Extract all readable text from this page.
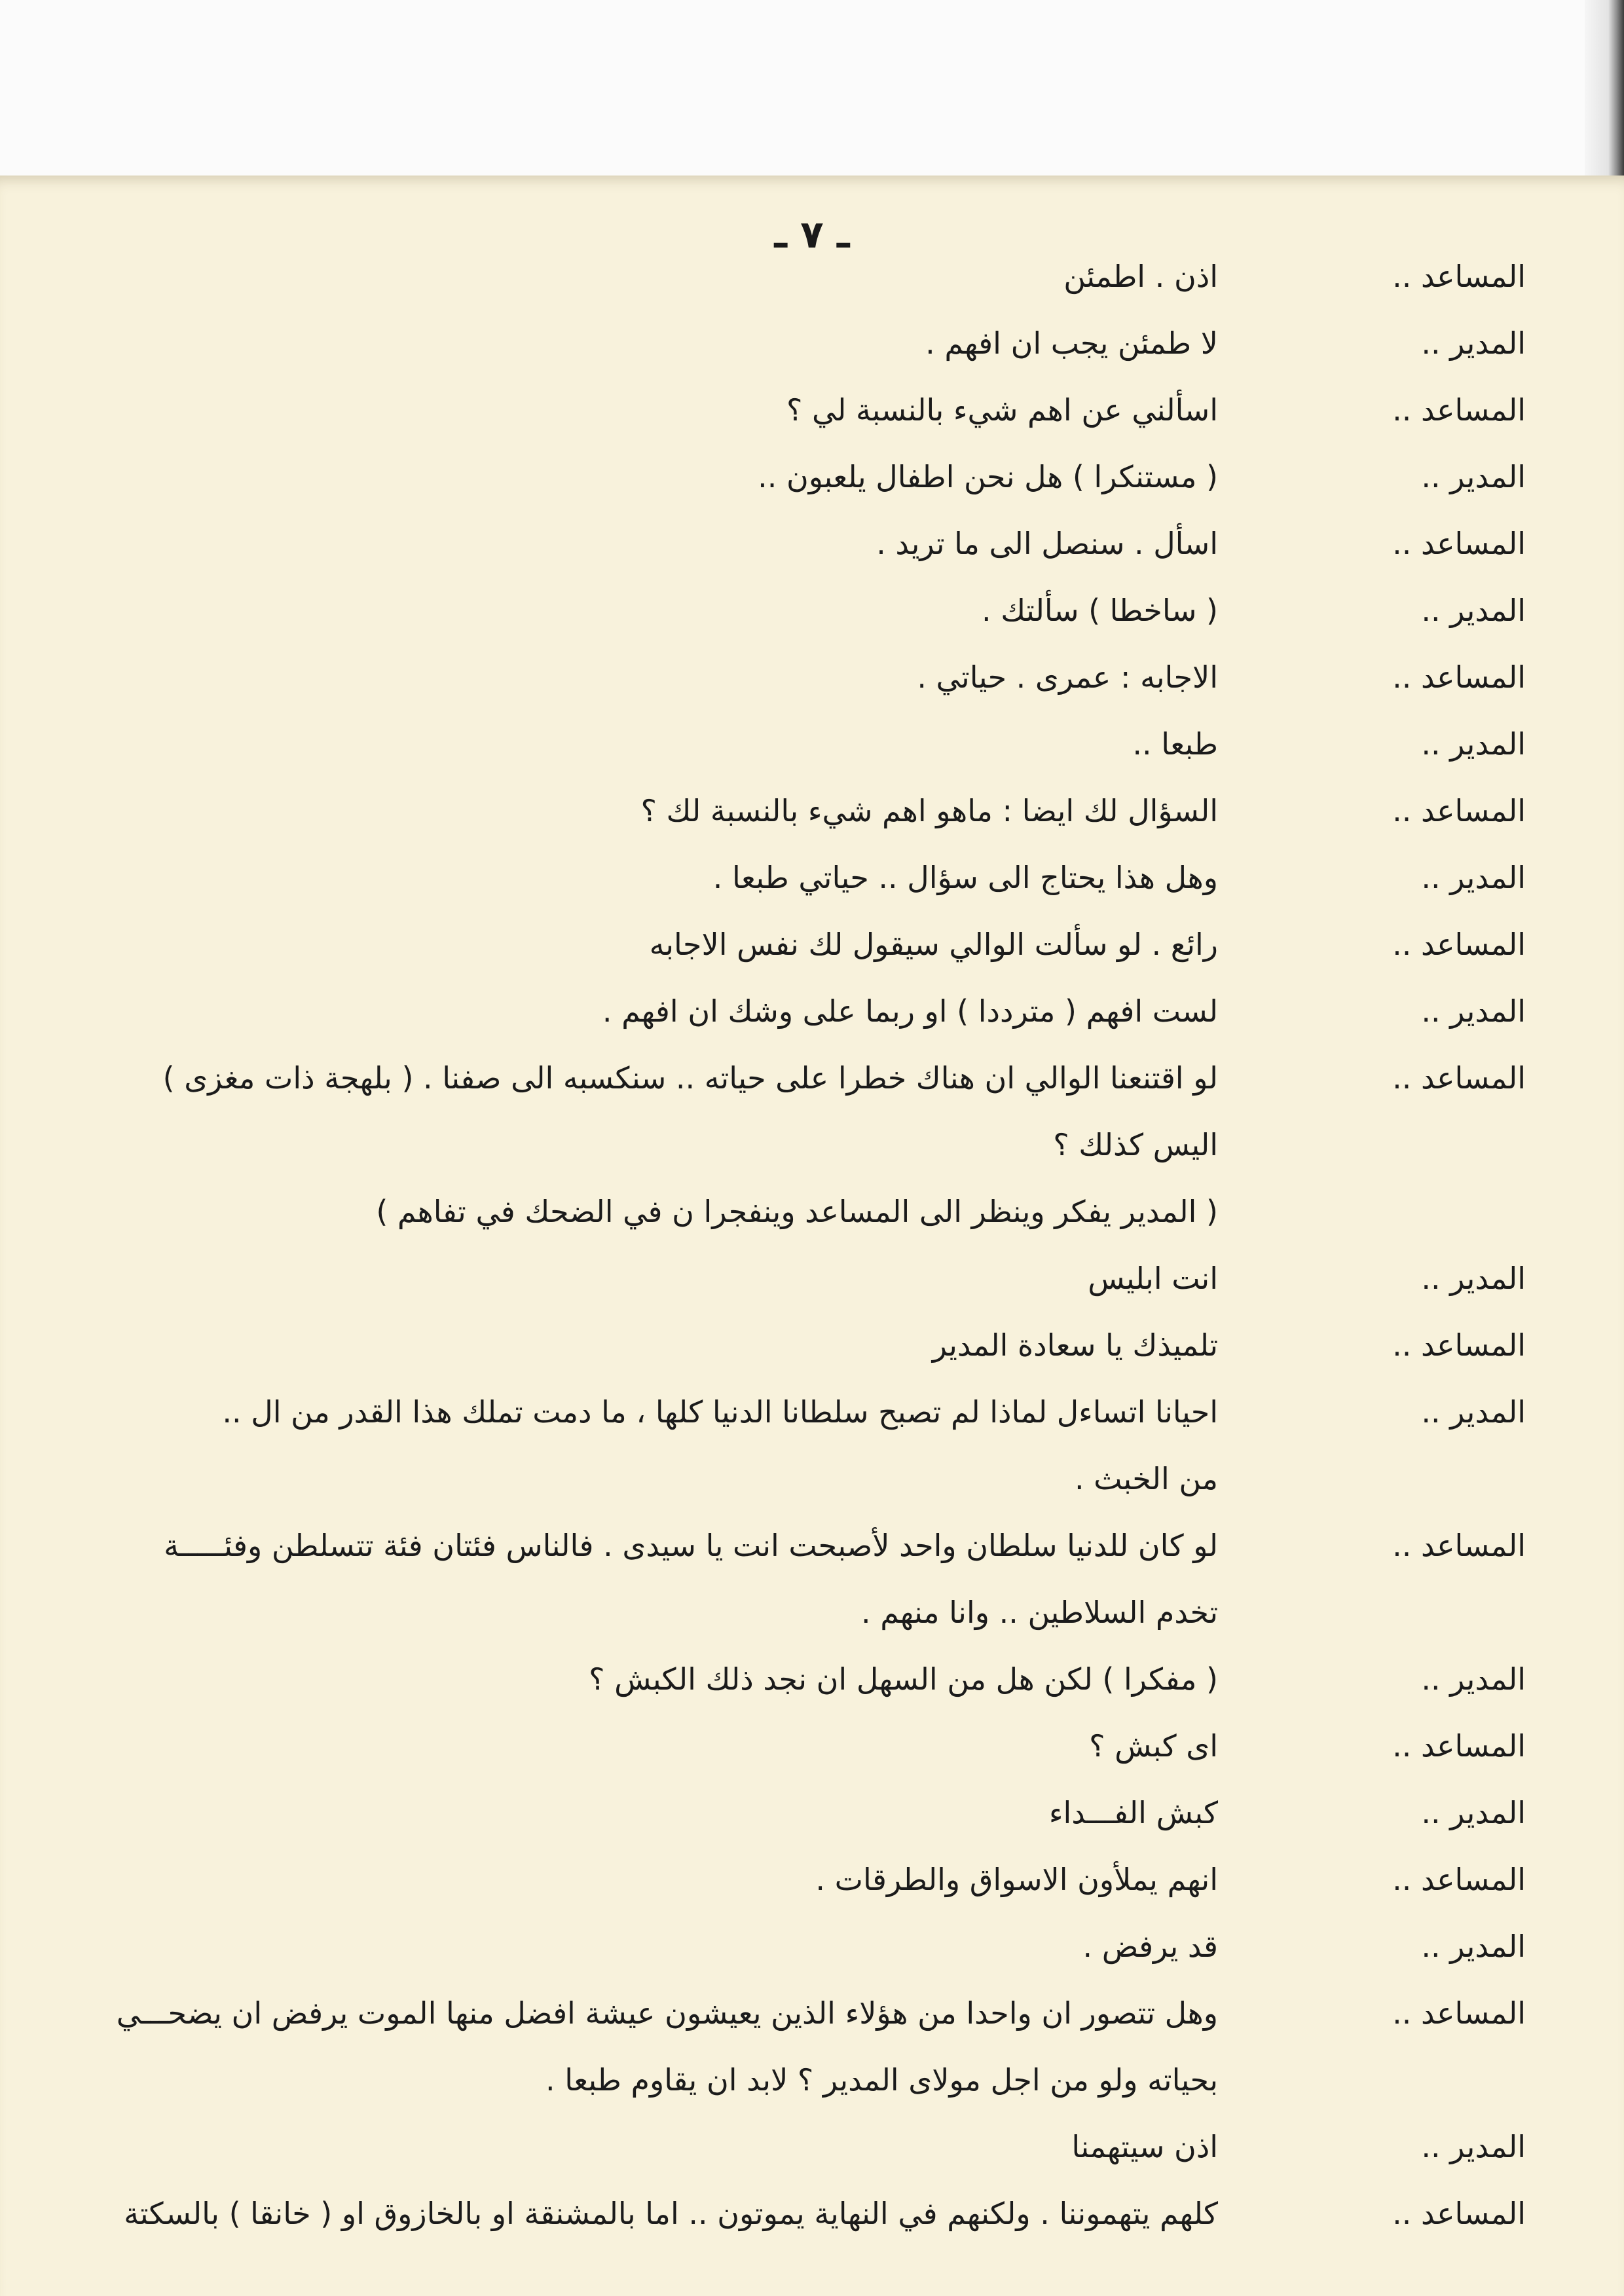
ـ ٧ ـ
المساعد ..
اذن . اطمئن
المدير ..
لا طمئن يجب ان افهم .
المساعد ..
اسألني عن اهم شيء بالنسبة لي ؟
المدير ..
( مستنكرا ) هل نحن اطفال يلعبون ..
المساعد ..
اسأل . سنصل الى ما تريد .
المدير ..
( ساخطا ) سألتك .
المساعد ..
الاجابه : عمرى . حياتي .
المدير ..
طبعا ..
المساعد ..
السؤال لك ايضا : ماهو اهم شيء بالنسبة لك ؟
المدير ..
وهل هذا يحتاج الى سؤال .. حياتي طبعا .
المساعد ..
رائع . لو سألت الوالي سيقول لك نفس الاجابه
المدير ..
لست افهم ( مترددا ) او ربما على وشك ان افهم .
المساعد ..
لو اقتنعنا الوالي ان هناك خطرا على حياته .. سنكسبه الى صفنا . ( بلهجة ذات مغزى )
اليس كذلك ؟
( المدير يفكر وينظر الى المساعد وينفجرا ن في الضحك في تفاهم )
المدير ..
انت ابليس
المساعد ..
تلميذك يا سعادة المدير
المدير ..
احيانا اتساءل لماذا لم تصبح سلطانا الدنيا كلها ، ما دمت تملك هذا القدر من ال ..
من الخبث .
المساعد ..
لو كان للدنيا سلطان واحد لأصبحت انت يا سيدى . فالناس فئتان فئة تتسلطن وفئـــــة
تخدم السلاطين .. وانا منهم .
المدير ..
( مفكرا ) لكن هل من السهل ان نجد ذلك الكبش ؟
المساعد ..
اى كبش ؟
المدير ..
كبش الفـــداء
المساعد ..
انهم يملأون الاسواق والطرقات .
المدير ..
قد يرفض .
المساعد ..
وهل تتصور ان واحدا من هؤلاء الذين يعيشون عيشة افضل منها الموت يرفض ان يضحـــي
بحياته ولو من اجل مولاى المدير ؟ لابد ان يقاوم طبعا .
المدير ..
اذن سيتهمنا
المساعد ..
كلهم يتهموننا . ولكنهم في النهاية يموتون .. اما بالمشنقة او بالخازوق او ( خانقا ) بالسكتة
